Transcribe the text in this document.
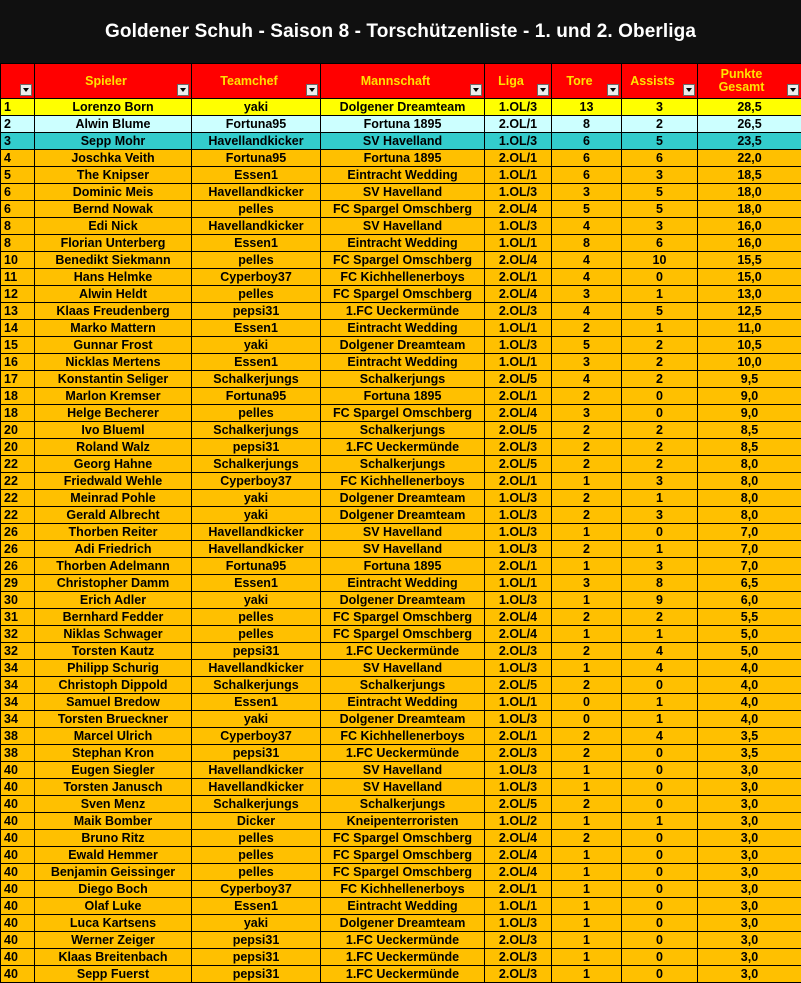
Goldener Schuh - Saison 8 - Torschützenliste - 1. und 2. Oberliga

	Spieler	Teamchef	Mannschaft	Liga	Tore	Assists	Punkte
Gesamt

1	Lorenzo Born	yaki	Dolgener Dreamteam	1.OL/3	13	3	28,5
2	Alwin Blume	Fortuna95	Fortuna 1895	2.OL/1	8	2	26,5
3	Sepp Mohr	Havellandkicker	SV Havelland	1.OL/3	6	5	23,5
4	Joschka Veith	Fortuna95	Fortuna 1895	2.OL/1	6	6	22,0
5	The Knipser	Essen1	Eintracht Wedding	1.OL/1	6	3	18,5
6	Dominic Meis	Havellandkicker	SV Havelland	1.OL/3	3	5	18,0
6	Bernd Nowak	pelles	FC Spargel Omschberg	2.OL/4	5	5	18,0
8	Edi Nick	Havellandkicker	SV Havelland	1.OL/3	4	3	16,0
8	Florian Unterberg	Essen1	Eintracht Wedding	1.OL/1	8	6	16,0
10	Benedikt Siekmann	pelles	FC Spargel Omschberg	2.OL/4	4	10	15,5
11	Hans Helmke	Cyperboy37	FC Kichhellenerboys	2.OL/1	4	0	15,0
12	Alwin Heldt	pelles	FC Spargel Omschberg	2.OL/4	3	1	13,0
13	Klaas Freudenberg	pepsi31	1.FC Ueckermünde	2.OL/3	4	5	12,5
14	Marko Mattern	Essen1	Eintracht Wedding	1.OL/1	2	1	11,0
15	Gunnar Frost	yaki	Dolgener Dreamteam	1.OL/3	5	2	10,5
16	Nicklas Mertens	Essen1	Eintracht Wedding	1.OL/1	3	2	10,0
17	Konstantin Seliger	Schalkerjungs	Schalkerjungs	2.OL/5	4	2	9,5
18	Marlon Kremser	Fortuna95	Fortuna 1895	2.OL/1	2	0	9,0
18	Helge Becherer	pelles	FC Spargel Omschberg	2.OL/4	3	0	9,0
20	Ivo Blueml	Schalkerjungs	Schalkerjungs	2.OL/5	2	2	8,5
20	Roland Walz	pepsi31	1.FC Ueckermünde	2.OL/3	2	2	8,5
22	Georg Hahne	Schalkerjungs	Schalkerjungs	2.OL/5	2	2	8,0
22	Friedwald Wehle	Cyperboy37	FC Kichhellenerboys	2.OL/1	1	3	8,0
22	Meinrad Pohle	yaki	Dolgener Dreamteam	1.OL/3	2	1	8,0
22	Gerald Albrecht	yaki	Dolgener Dreamteam	1.OL/3	2	3	8,0
26	Thorben Reiter	Havellandkicker	SV Havelland	1.OL/3	1	0	7,0
26	Adi Friedrich	Havellandkicker	SV Havelland	1.OL/3	2	1	7,0
26	Thorben Adelmann	Fortuna95	Fortuna 1895	2.OL/1	1	3	7,0
29	Christopher Damm	Essen1	Eintracht Wedding	1.OL/1	3	8	6,5
30	Erich Adler	yaki	Dolgener Dreamteam	1.OL/3	1	9	6,0
31	Bernhard Fedder	pelles	FC Spargel Omschberg	2.OL/4	2	2	5,5
32	Niklas Schwager	pelles	FC Spargel Omschberg	2.OL/4	1	1	5,0
32	Torsten Kautz	pepsi31	1.FC Ueckermünde	2.OL/3	2	4	5,0
34	Philipp Schurig	Havellandkicker	SV Havelland	1.OL/3	1	4	4,0
34	Christoph Dippold	Schalkerjungs	Schalkerjungs	2.OL/5	2	0	4,0
34	Samuel Bredow	Essen1	Eintracht Wedding	1.OL/1	0	1	4,0
34	Torsten Brueckner	yaki	Dolgener Dreamteam	1.OL/3	0	1	4,0
38	Marcel Ulrich	Cyperboy37	FC Kichhellenerboys	2.OL/1	2	4	3,5
38	Stephan Kron	pepsi31	1.FC Ueckermünde	2.OL/3	2	0	3,5
40	Eugen Siegler	Havellandkicker	SV Havelland	1.OL/3	1	0	3,0
40	Torsten Janusch	Havellandkicker	SV Havelland	1.OL/3	1	0	3,0
40	Sven Menz	Schalkerjungs	Schalkerjungs	2.OL/5	2	0	3,0
40	Maik Bomber	Dicker	Kneipenterroristen	1.OL/2	1	1	3,0
40	Bruno Ritz	pelles	FC Spargel Omschberg	2.OL/4	2	0	3,0
40	Ewald Hemmer	pelles	FC Spargel Omschberg	2.OL/4	1	0	3,0
40	Benjamin Geissinger	pelles	FC Spargel Omschberg	2.OL/4	1	0	3,0
40	Diego Boch	Cyperboy37	FC Kichhellenerboys	2.OL/1	1	0	3,0
40	Olaf Luke	Essen1	Eintracht Wedding	1.OL/1	1	0	3,0
40	Luca Kartsens	yaki	Dolgener Dreamteam	1.OL/3	1	0	3,0
40	Werner Zeiger	pepsi31	1.FC Ueckermünde	2.OL/3	1	0	3,0
40	Klaas Breitenbach	pepsi31	1.FC Ueckermünde	2.OL/3	1	0	3,0
40	Sepp Fuerst	pepsi31	1.FC Ueckermünde	2.OL/3	1	0	3,0
